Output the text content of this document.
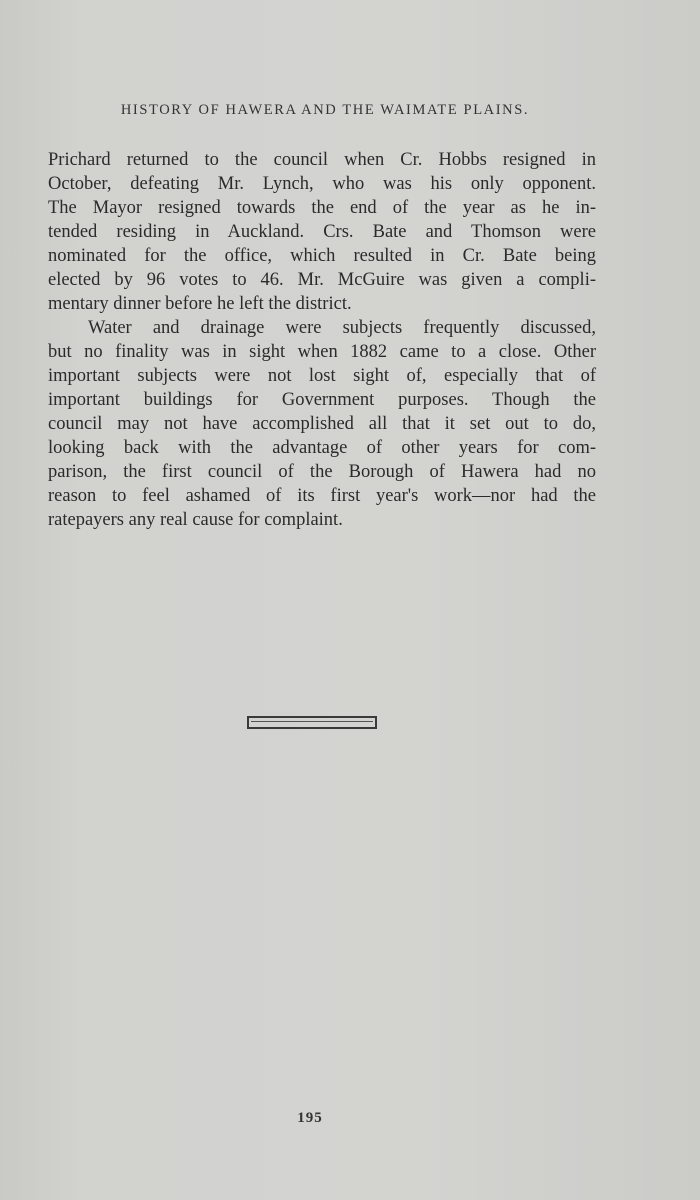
HISTORY OF HAWERA AND THE WAIMATE PLAINS.
Prichard returned to the council when Cr. Hobbs resigned in
October, defeating Mr. Lynch, who was his only opponent.
The Mayor resigned towards the end of the year as he in-
tended residing in Auckland. Crs. Bate and Thomson were
nominated for the office, which resulted in Cr. Bate being
elected by 96 votes to 46. Mr. McGuire was given a compli-
mentary dinner before he left the district.
Water and drainage were subjects frequently discussed,
but no finality was in sight when 1882 came to a close. Other
important subjects were not lost sight of, especially that of
important buildings for Government purposes. Though the
council may not have accomplished all that it set out to do,
looking back with the advantage of other years for com-
parison, the first council of the Borough of Hawera had no
reason to feel ashamed of its first year's work—nor had the
ratepayers any real cause for complaint.
195
